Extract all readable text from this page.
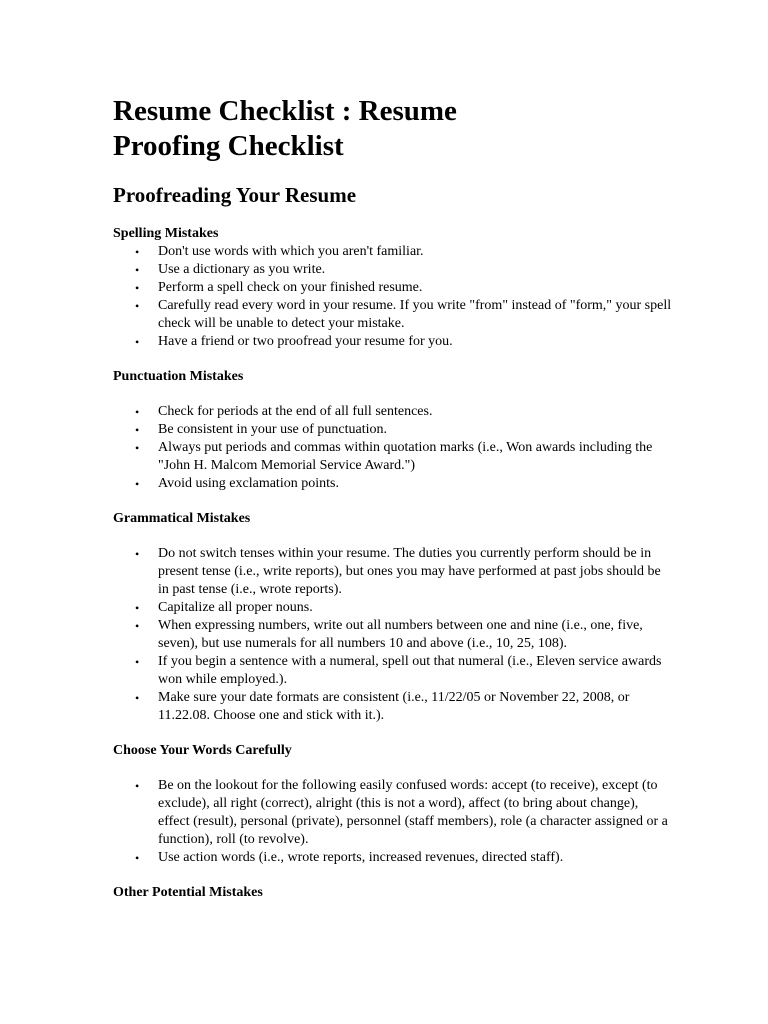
Resume Checklist : Resume
Proofing Checklist
Proofreading Your Resume

Spelling Mistakes

• Don't use words with which you aren't familiar.
• Use a dictionary as you write.
• Perform a spell check on your finished resume.
• Carefully read every word in your resume. If you write "from" instead of "form," your spell check will be unable to detect your mistake.
• Have a friend or two proofread your resume for you.

Punctuation Mistakes

• Check for periods at the end of all full sentences.
• Be consistent in your use of punctuation.
• Always put periods and commas within quotation marks (i.e., Won awards including the "John H. Malcom Memorial Service Award.")
• Avoid using exclamation points.

Grammatical Mistakes

• Do not switch tenses within your resume. The duties you currently perform should be in present tense (i.e., write reports), but ones you may have performed at past jobs should be in past tense (i.e., wrote reports).
• Capitalize all proper nouns.
• When expressing numbers, write out all numbers between one and nine (i.e., one, five, seven), but use numerals for all numbers 10 and above (i.e., 10, 25, 108).
• If you begin a sentence with a numeral, spell out that numeral (i.e., Eleven service awards won while employed.).
• Make sure your date formats are consistent (i.e., 11/22/05 or November 22, 2008, or 11.22.08. Choose one and stick with it.).

Choose Your Words Carefully

• Be on the lookout for the following easily confused words: accept (to receive), except (to exclude), all right (correct), alright (this is not a word), affect (to bring about change), effect (result), personal (private), personnel (staff members), role (a character assigned or a function), roll (to revolve).
• Use action words (i.e., wrote reports, increased revenues, directed staff).

Other Potential Mistakes
